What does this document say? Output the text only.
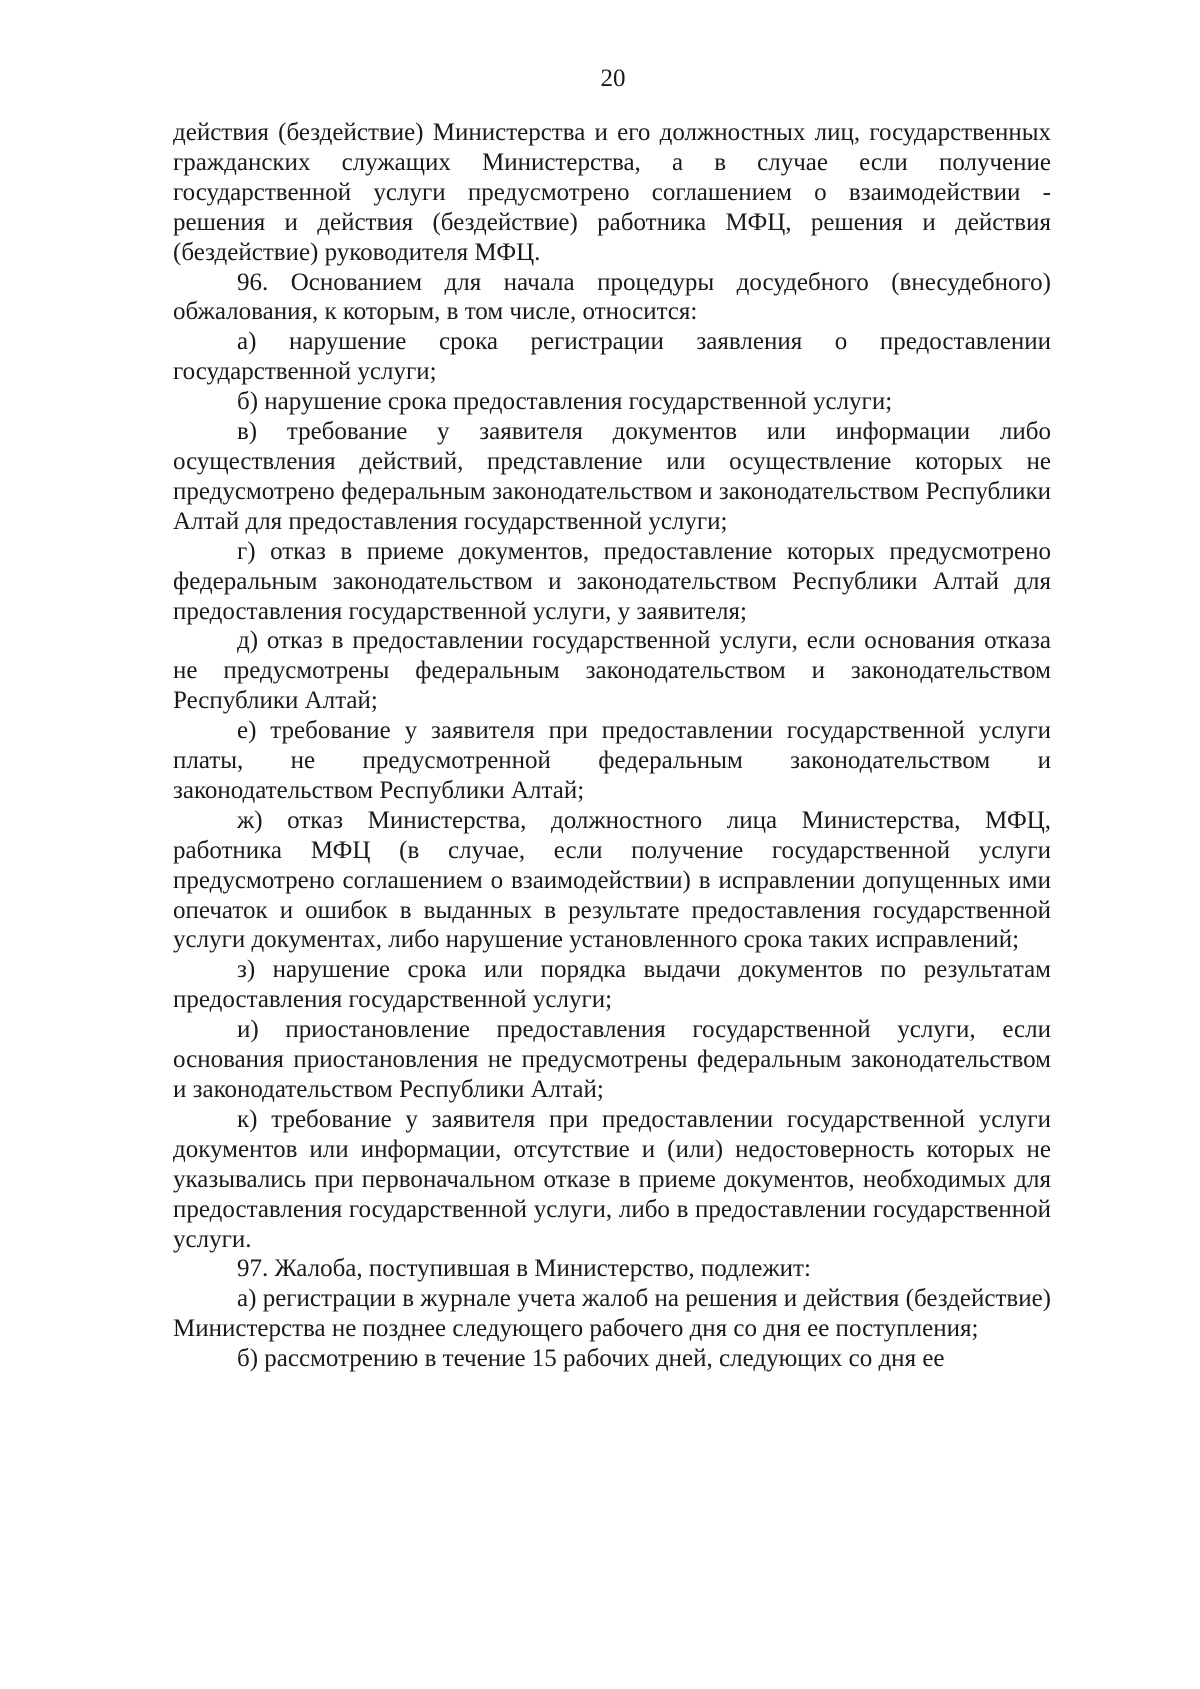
20

действия (бездействие) Министерства и его должностных лиц, государственных гражданских служащих Министерства, а в случае если получение государственной услуги предусмотрено соглашением о взаимодействии - решения и действия (бездействие) работника МФЦ, решения и действия (бездействие) руководителя МФЦ.

96. Основанием для начала процедуры досудебного (внесудебного) обжалования, к которым, в том числе, относится:

а) нарушение срока регистрации заявления о предоставлении государственной услуги;

б) нарушение срока предоставления государственной услуги;

в) требование у заявителя документов или информации либо осуществления действий, представление или осуществление которых не предусмотрено федеральным законодательством и законодательством Республики Алтай для предоставления государственной услуги;

г) отказ в приеме документов, предоставление которых предусмотрено федеральным законодательством и законодательством Республики Алтай для предоставления государственной услуги, у заявителя;

д) отказ в предоставлении государственной услуги, если основания отказа не предусмотрены федеральным законодательством и законодательством Республики Алтай;

е) требование у заявителя при предоставлении государственной услуги платы, не предусмотренной федеральным законодательством и законодательством Республики Алтай;

ж) отказ Министерства, должностного лица Министерства, МФЦ, работника МФЦ (в случае, если получение государственной услуги предусмотрено соглашением о взаимодействии) в исправлении допущенных ими опечаток и ошибок в выданных в результате предоставления государственной услуги документах, либо нарушение установленного срока таких исправлений;

з) нарушение срока или порядка выдачи документов по результатам предоставления государственной услуги;

и) приостановление предоставления государственной услуги, если основания приостановления не предусмотрены федеральным законодательством и законодательством Республики Алтай;

к) требование у заявителя при предоставлении государственной услуги документов или информации, отсутствие и (или) недостоверность которых не указывались при первоначальном отказе в приеме документов, необходимых для предоставления государственной услуги, либо в предоставлении государственной услуги.

97. Жалоба, поступившая в Министерство, подлежит:

а) регистрации в журнале учета жалоб на решения и действия (бездействие) Министерства не позднее следующего рабочего дня со дня ее поступления;

б) рассмотрению в течение 15 рабочих дней, следующих со дня ее
